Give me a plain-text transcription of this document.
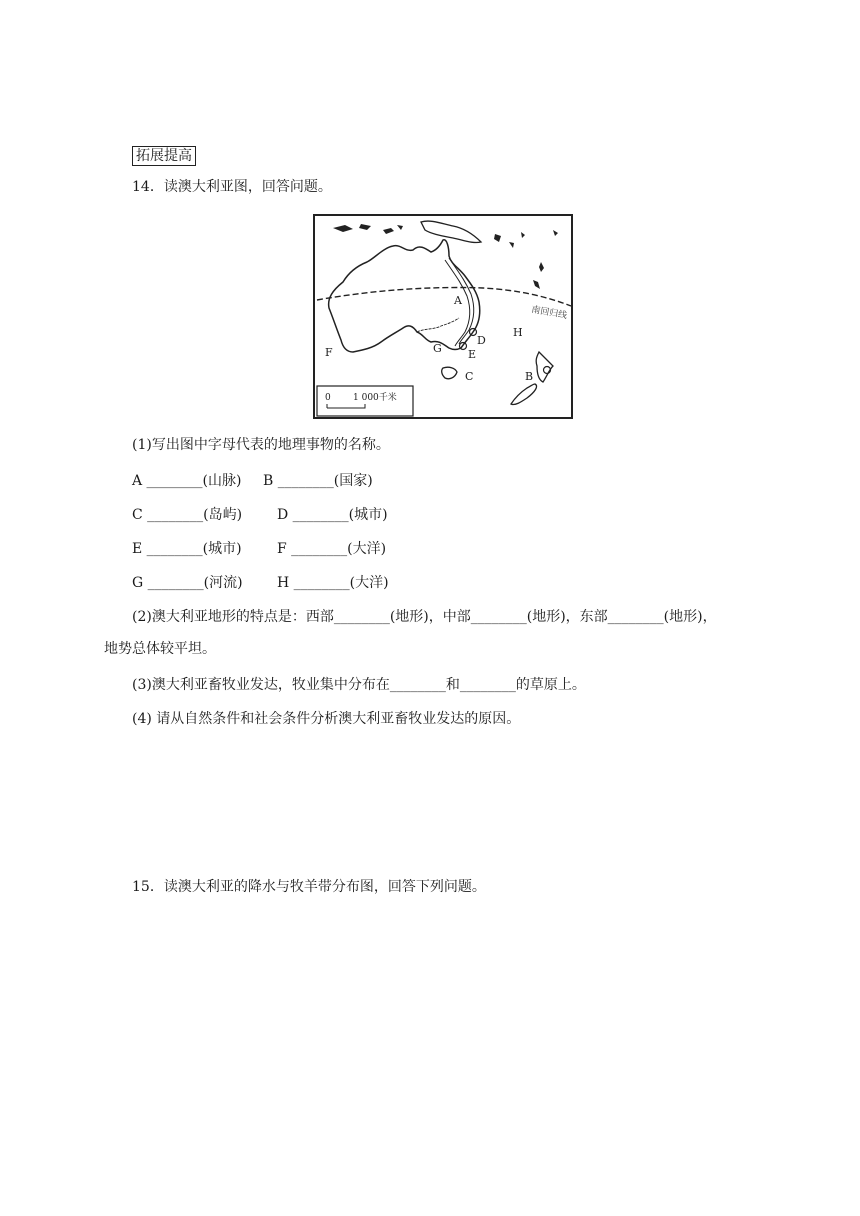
拓展提高
14．读澳大利亚图，回答问题。
A
B
C
D
E
F	G
H
南回归线
0 1 000千米
(1)写出图中字母代表的地理事物的名称。
A ________(山脉) B ________(国家)
C ________(岛屿) D ________(城市)
E ________(城市)	F ________(大洋)
G ________(河流) H ________(大洋)
(2)澳大利亚地形的特点是：西部________(地形)，中部________(地形)，东部________(地形)，
地势总体较平坦。
(3)澳大利亚畜牧业发达，牧业集中分布在________和________的草原上。
(4) 请从自然条件和社会条件分析澳大利亚畜牧业发达的原因。
15．读澳大利亚的降水与牧羊带分布图，回答下列问题。
